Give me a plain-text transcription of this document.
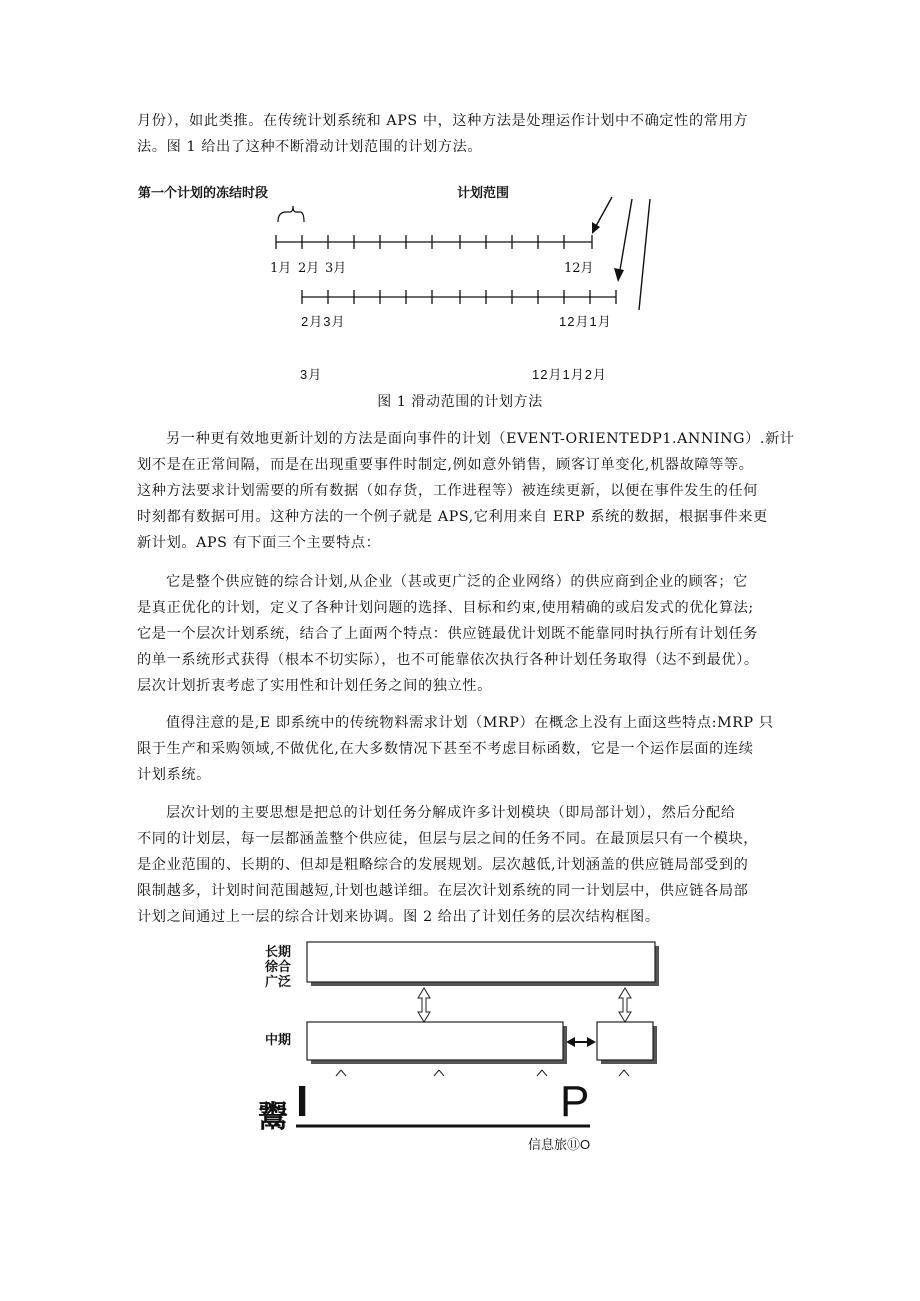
月份），如此类推。在传统计划系统和 APS 中，这种方法是处理运作计划中不确定性的常用方
法。图 1 给出了这种不断滑动计划范围的计划方法。
第一个计划的冻结时段	计划范围
1月 2月 3月	12月
2月3月	12月1月
3月	12月1月2月
图 1 滑动范围的计划方法
另一种更有效地更新计划的方法是面向事件的计划（EVENT-ORIENTEDP1.ANNING）.新计
划不是在正常间隔，而是在出现重要事件时制定,例如意外销售，顾客订单变化,机器故障等等。
这种方法要求计划需要的所有数据（如存货，工作进程等）被连续更新，以便在事件发生的任何
时刻都有数据可用。这种方法的一个例子就是 APS,它利用来自 ERP 系统的数据，根据事件来更
新计划。APS 有下面三个主要特点：
它是整个供应链的综合计划,从企业（甚或更广泛的企业网络）的供应商到企业的顾客；它
是真正优化的计划，定义了各种计划问题的选择、目标和约束,使用精确的或启发式的优化算法;
它是一个层次计划系统，结合了上面两个特点：供应链最优计划既不能靠同时执行所有计划任务
的单一系统形式获得（根本不切实际），也不可能靠依次执行各种计划任务取得（达不到最优）。
层次计划折衷考虑了实用性和计划任务之间的独立性。
值得注意的是,E 即系统中的传统物料需求计划（MRP）在概念上没有上面这些特点:MRP 只
限于生产和采购领域,不做优化,在大多数情况下甚至不考虑目标函数，它是一个运作层面的连续
计划系统。
层次计划的主要思想是把总的计划任务分解成许多计划模块（即局部计划），然后分配给
不同的计划层，每一层都涵盖整个供应徒，但层与层之间的任务不同。在最顶层只有一个模块，
是企业范围的、长期的、但却是粗略综合的发展规划。层次越低,计划涵盖的供应链局部受到的
限制越多，计划时间范围越短,计划也越详细。在层次计划系统的同一计划层中，供应链各局部
计划之间通过上一层的综合计划来协调。图 2 给出了计划任务的层次结构框图。
长期
徐合
广泛
中期
鬻 I	P
信息旅⑪O
